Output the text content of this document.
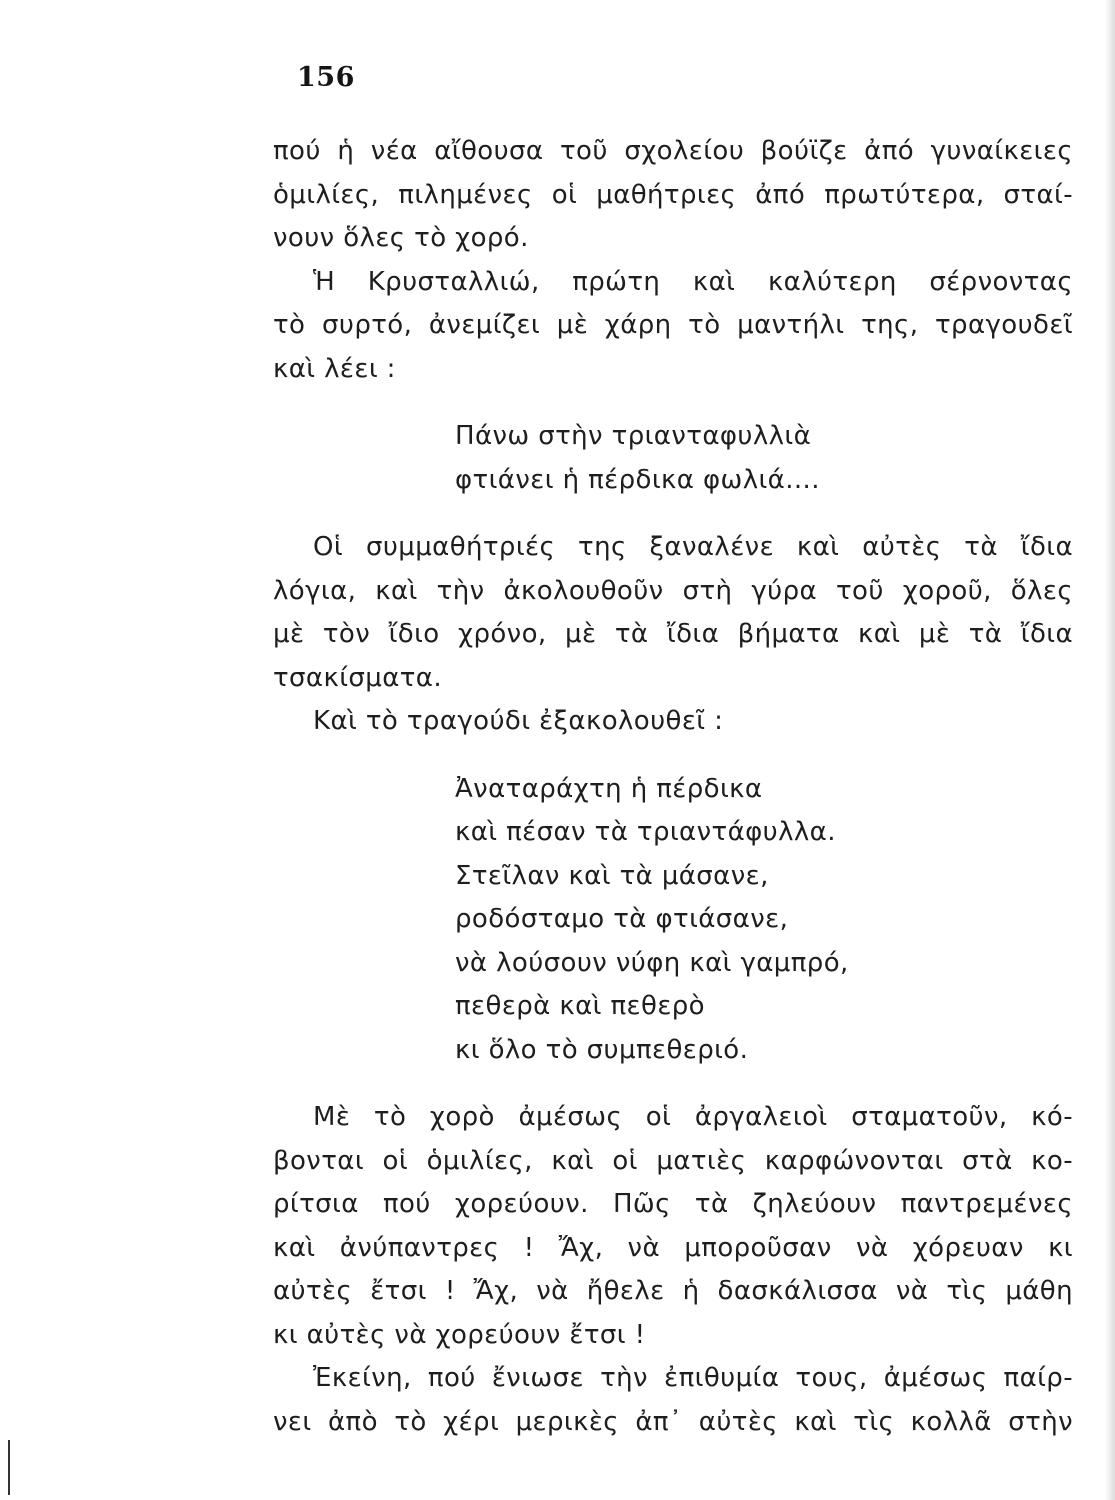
156
πού ἡ νέα αἴθουσα τοῦ σχολείου βούϊζε ἀπό γυναίκειες
ὁμιλίες, πιλημένες οἱ μαθήτριες ἀπό πρωτύτερα, σταί-
νουν ὅλες τὸ χορό.
Ἡ Κρυσταλλιώ, πρώτη καὶ καλύτερη σέρνοντας
τὸ συρτό, ἀνεμίζει μὲ χάρη τὸ μαντήλι της, τραγουδεῖ
καὶ λέει :
Πάνω στὴν τριανταφυλλιὰ
φτιάνει ἡ πέρδικα φωλιά....
Οἱ συμμαθήτριές της ξαναλένε καὶ αὐτὲς τὰ ἴδια
λόγια, καὶ τὴν ἀκολουθοῦν στὴ γύρα τοῦ χοροῦ, ὅλες
μὲ τὸν ἴδιο χρόνο, μὲ τὰ ἴδια βήματα καὶ μὲ τὰ ἴδια
τσακίσματα.
Καὶ τὸ τραγούδι ἐξακολουθεῖ :
Ἀναταράχτη ἡ πέρδικα
καὶ πέσαν τὰ τριαντάφυλλα.
Στεῖλαν καὶ τὰ μάσανε,
ροδόσταμο τὰ φτιάσανε,
νὰ λούσουν νύφη καὶ γαμπρό,
πεθερὰ καὶ πεθερὸ
κι ὅλο τὸ συμπεθεριό.
Μὲ τὸ χορὸ ἀμέσως οἱ ἀργαλειοὶ σταματοῦν, κό-
βονται οἱ ὁμιλίες, καὶ οἱ ματιὲς καρφώνονται στὰ κο-
ρίτσια πού χορεύουν. Πῶς τὰ ζηλεύουν παντρεμένες
καὶ ἀνύπαντρες ! Ἄχ, νὰ μποροῦσαν νὰ χόρευαν κι
αὐτὲς ἔτσι ! Ἄχ, νὰ ἤθελε ἡ δασκάλισσα νὰ τὶς μάθη
κι αὐτὲς νὰ χορεύουν ἔτσι !
Ἐκείνη, πού ἔνιωσε τὴν ἐπιθυμία τους, ἀμέσως παίρ-
νει ἀπὸ τὸ χέρι μερικὲς ἀπ᾿ αὐτὲς καὶ τὶς κολλᾶ στὴν
